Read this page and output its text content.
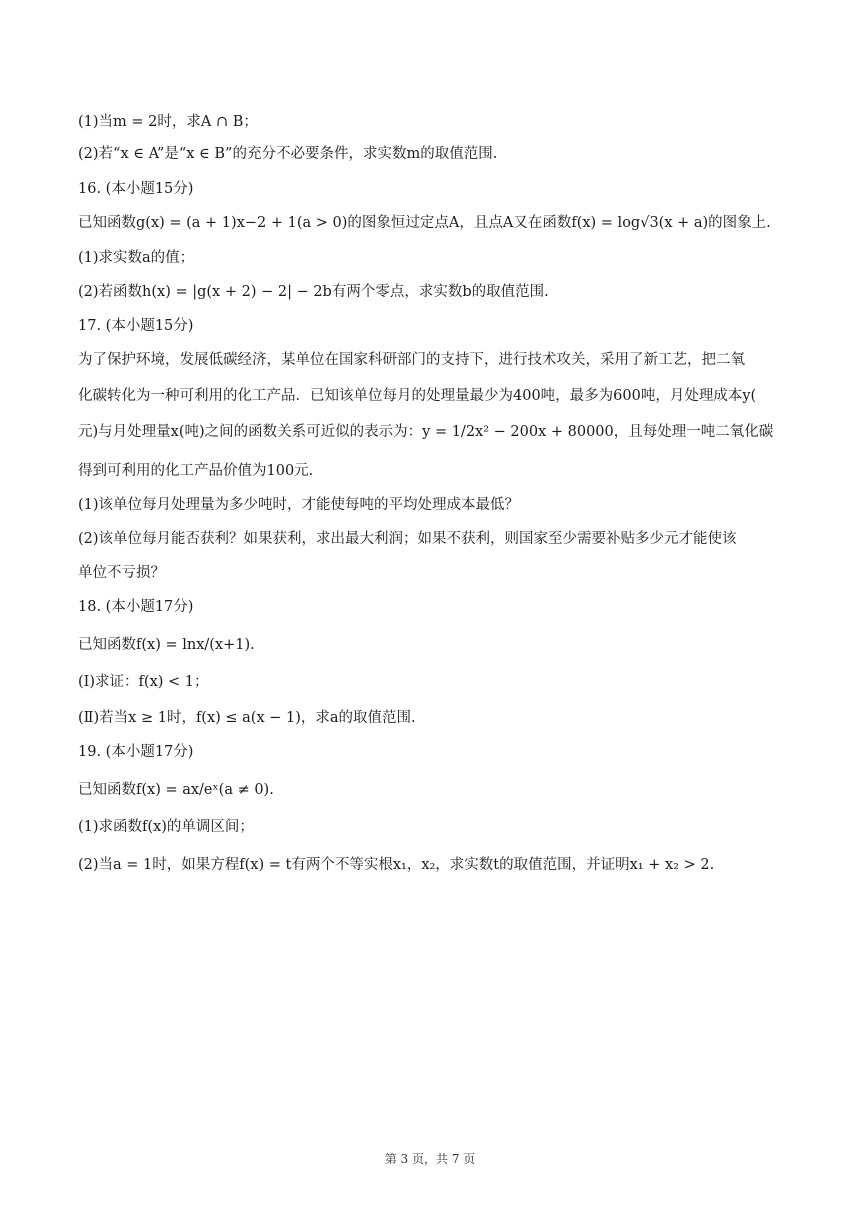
(1)当m = 2时，求A ∩ B；
(2)若“x ∈ A”是“x ∈ B”的充分不必要条件，求实数m的取值范围.
16. (本小题15分)
已知函数g(x) = (a + 1)x−2 + 1(a > 0)的图象恒过定点A，且点A又在函数f(x) = log√3(x + a)的图象上.
(1)求实数a的值；
(2)若函数h(x) = |g(x + 2) − 2| − 2b有两个零点，求实数b的取值范围.
17. (本小题15分)
为了保护环境，发展低碳经济，某单位在国家科研部门的支持下，进行技术攻关，采用了新工艺，把二氧
化碳转化为一种可利用的化工产品．已知该单位每月的处理量最少为400吨，最多为600吨，月处理成本y(
元)与月处理量x(吨)之间的函数关系可近似的表示为：y = 1/2x² − 200x + 80000，且每处理一吨二氧化碳
得到可利用的化工产品价值为100元.
(1)该单位每月处理量为多少吨时，才能使每吨的平均处理成本最低？
(2)该单位每月能否获利？如果获利，求出最大利润；如果不获利，则国家至少需要补贴多少元才能使该
单位不亏损？
18. (本小题17分)
已知函数f(x) = lnx/(x+1).
(Ⅰ)求证：f(x) < 1；
(Ⅱ)若当x ≥ 1时，f(x) ≤ a(x − 1)，求a的取值范围.
19. (本小题17分)
已知函数f(x) = ax/eˣ(a ≠ 0).
(1)求函数f(x)的单调区间；
(2)当a = 1时，如果方程f(x) = t有两个不等实根x₁，x₂，求实数t的取值范围，并证明x₁ + x₂ > 2.
第 3 页，共 7 页
